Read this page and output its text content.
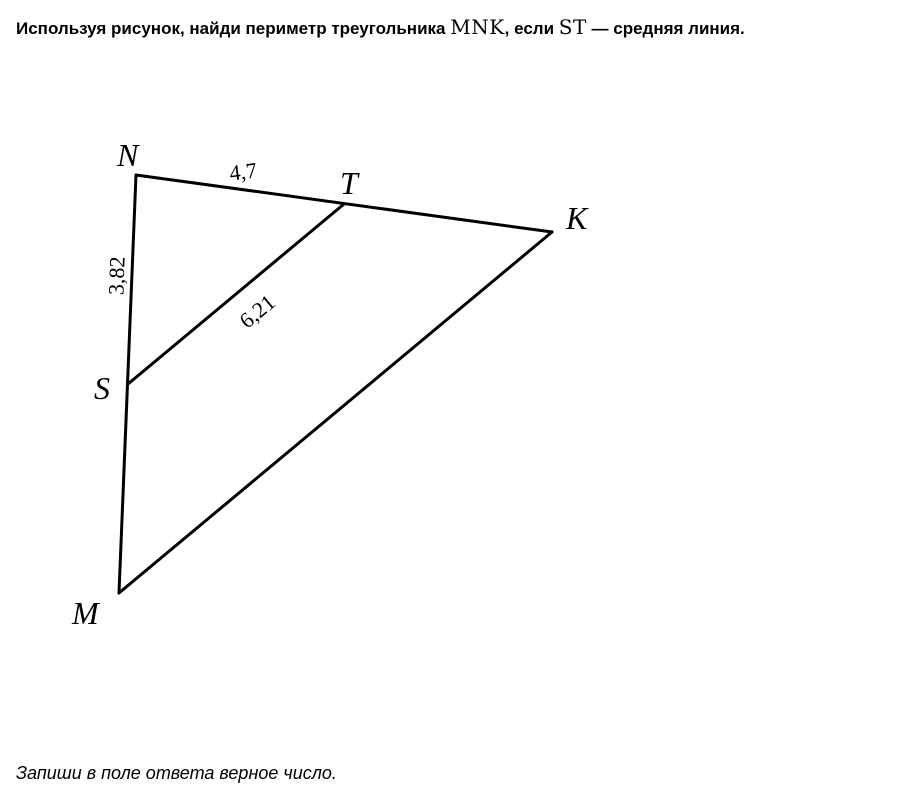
Используя рисунок, найди периметр треугольника MNK, если ST — средняя линия.
N
T
K
S
M
4,7
3,82
6,21
Запиши в поле ответа верное число.
